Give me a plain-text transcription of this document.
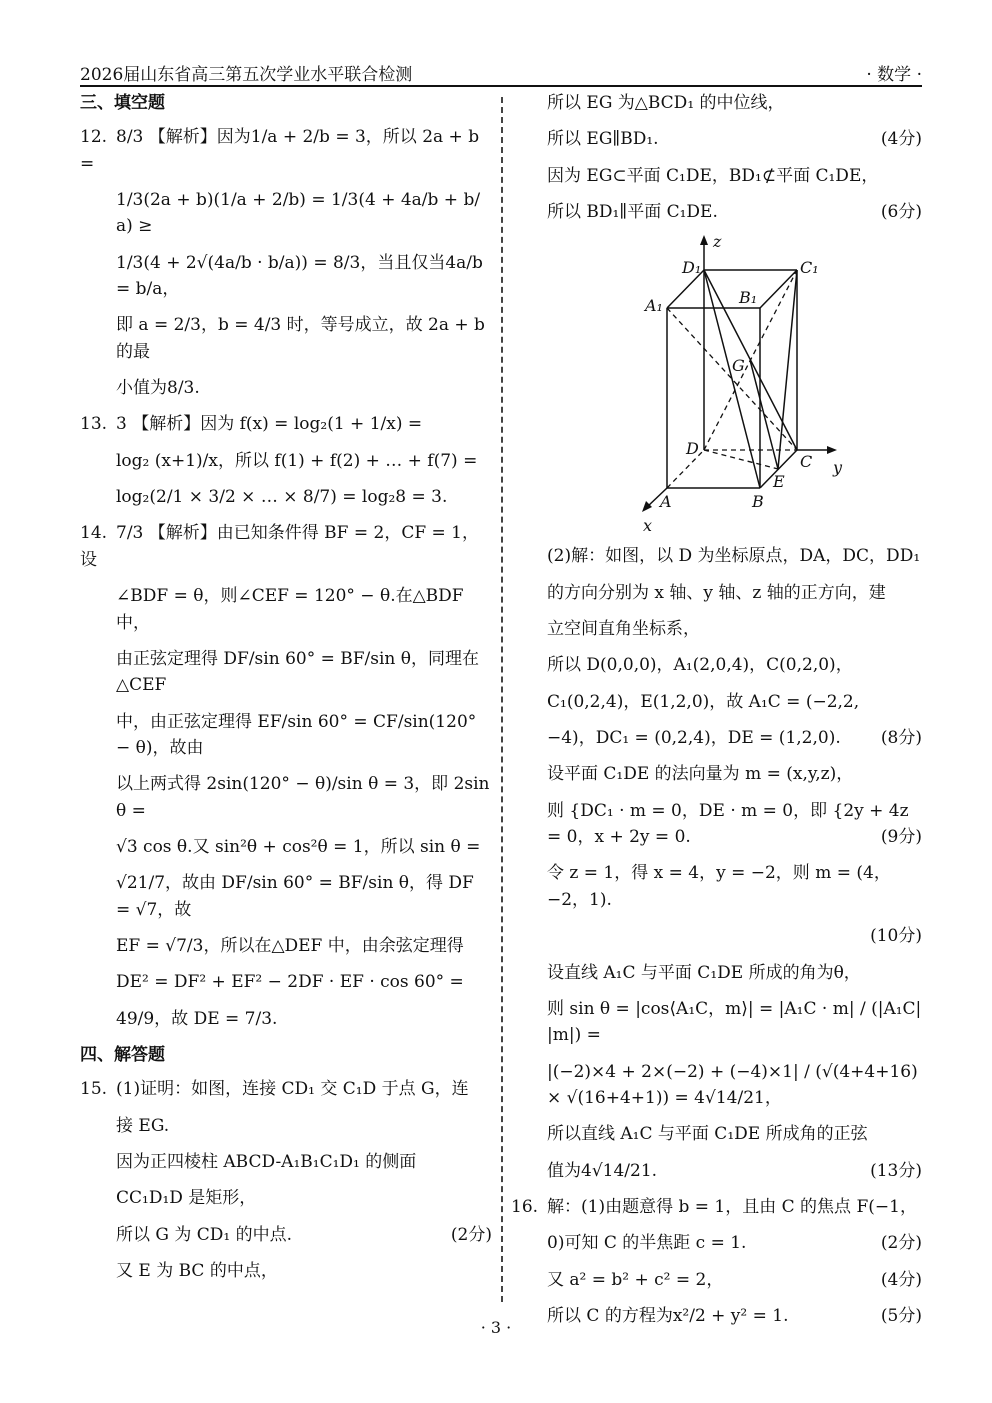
2026届山东省高三第五次学业水平联合检测	· 数学 ·
三、填空题
12. 8/3 【解析】因为1/a + 2/b = 3，所以 2a + b =
1/3(2a + b)(1/a + 2/b) = 1/3(4 + 4a/b + b/a) ≥
1/3(4 + 2√(4a/b · b/a)) = 8/3，当且仅当4a/b = b/a，
即 a = 2/3，b = 4/3 时，等号成立，故 2a + b 的最
小值为8/3.
13. 3 【解析】因为 f(x) = log₂(1 + 1/x) =
log₂ (x+1)/x，所以 f(1) + f(2) + … + f(7) =
log₂(2/1 × 3/2 × … × 8/7) = log₂8 = 3.
14. 7/3 【解析】由已知条件得 BF = 2，CF = 1，设
∠BDF = θ，则∠CEF = 120° − θ.在△BDF 中，
由正弦定理得 DF/sin 60° = BF/sin θ，同理在△CEF
中，由正弦定理得 EF/sin 60° = CF/sin(120° − θ)，故由
以上两式得 2sin(120° − θ)/sin θ = 3，即 2sin θ =
√3 cos θ.又 sin²θ + cos²θ = 1，所以 sin θ =
√21/7，故由 DF/sin 60° = BF/sin θ，得 DF = √7，故
EF = √7/3，所以在△DEF 中，由余弦定理得
DE² = DF² + EF² − 2DF · EF · cos 60° =
49/9，故 DE = 7/3.
四、解答题
15. (1)证明：如图，连接 CD₁ 交 C₁D 于点 G，连
接 EG.
因为正四棱柱 ABCD-A₁B₁C₁D₁ 的侧面
CC₁D₁D 是矩形，
所以 G 为 CD₁ 的中点.	(2分)
又 E 为 BC 的中点，
所以 EG 为△BCD₁ 的中位线，
所以 EG∥BD₁.	(4分)
因为 EG⊂平面 C₁DE，BD₁⊄平面 C₁DE，
所以 BD₁∥平面 C₁DE.	(6分)
z
y
x
D₁	C₁
A₁	B₁
G
D
C
E
A	B
(2)解：如图，以 D 为坐标原点，DA，DC，DD₁
的方向分别为 x 轴、y 轴、z 轴的正方向，建
立空间直角坐标系，
所以 D(0,0,0)，A₁(2,0,4)，C(0,2,0)，
C₁(0,2,4)，E(1,2,0)，故 A₁C = (−2,2,
−4)，DC₁ = (0,2,4)，DE = (1,2,0). (8分)
设平面 C₁DE 的法向量为 m = (x,y,z)，
则 {DC₁ · m = 0，DE · m = 0，即 {2y + 4z = 0，x + 2y = 0.	(9分)
令 z = 1，得 x = 4，y = −2，则 m = (4，−2，1).
(10分)
设直线 A₁C 与平面 C₁DE 所成的角为θ，
则 sin θ = |cos⟨A₁C，m⟩| = |A₁C · m| / (|A₁C||m|) =
|(−2)×4 + 2×(−2) + (−4)×1| / (√(4+4+16) × √(16+4+1)) = 4√14/21，
所以直线 A₁C 与平面 C₁DE 所成角的正弦
值为4√14/21.	(13分)
16. 解：(1)由题意得 b = 1，且由 C 的焦点 F(−1，
0)可知 C 的半焦距 c = 1.	(2分)
又 a² = b² + c² = 2，	(4分)
所以 C 的方程为x²/2 + y² = 1.	(5分)
· 3 ·
